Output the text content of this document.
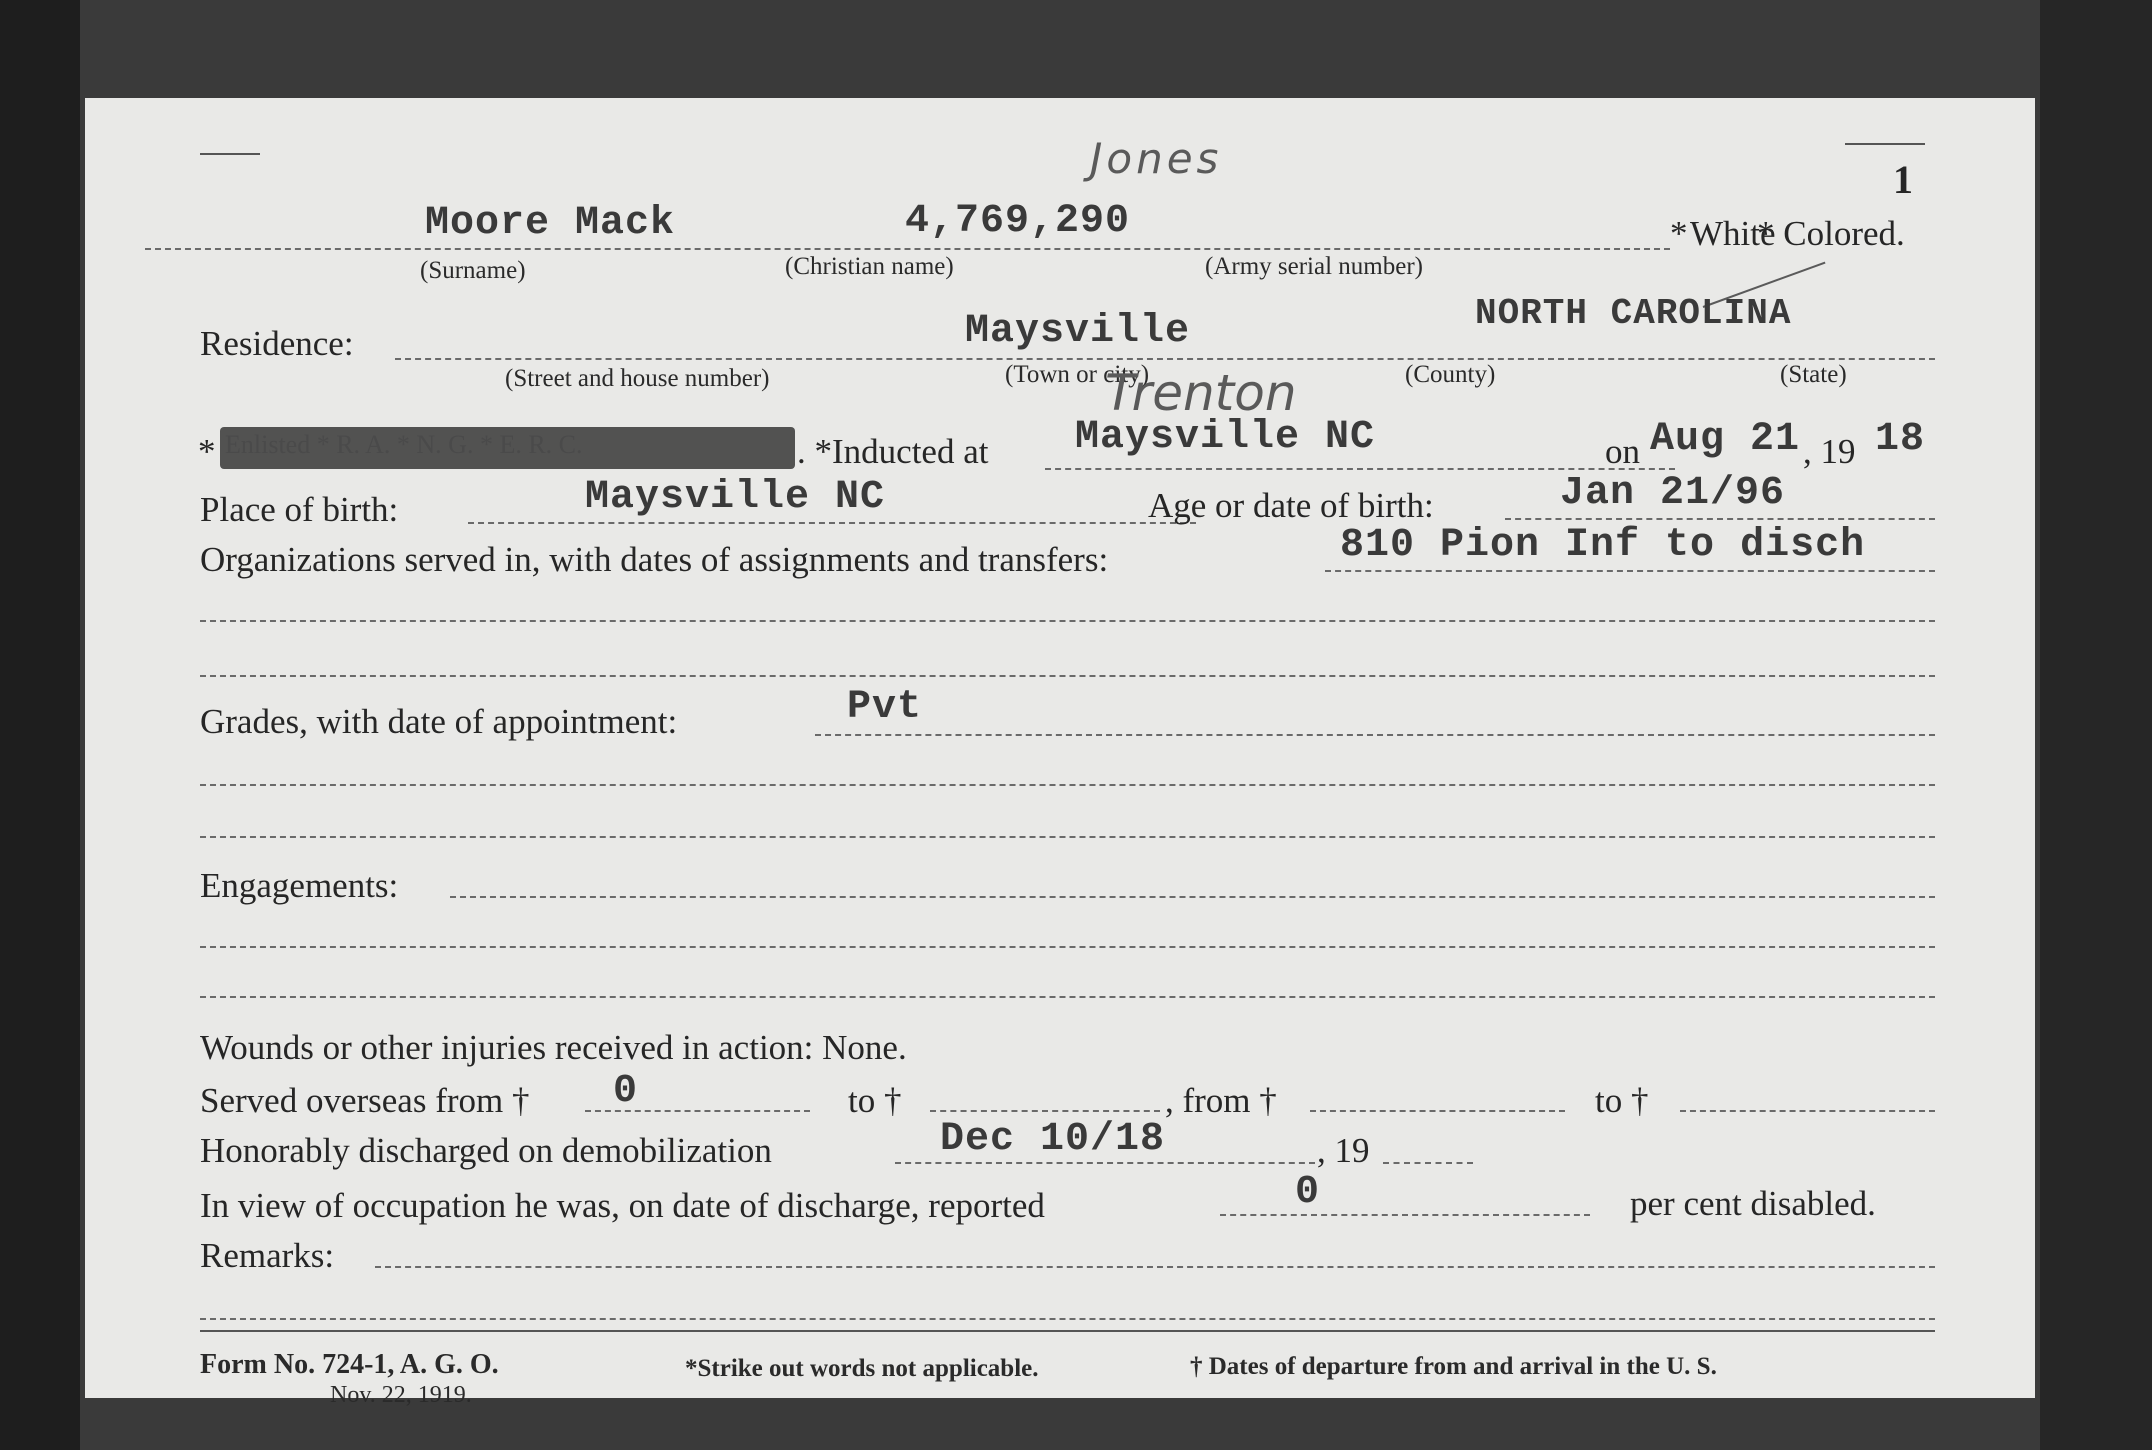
Jones	1
Moore Mack	4,769,290	* White
* Colored.
(Surname)	(Christian name)	(Army serial number)
Residence:	Maysville	NORTH CAROLINA
(Street and house number)	(Town or city)	(County)	(State)
Trenton
*	. *Inducted at Maysville NC	on Aug 21 , 19 18
Place of birth:	Maysville NC	Age or date of birth:	Jan 21/96
Organizations served in, with dates of assignments and transfers:	810 Pion Inf to disch
Grades, with date of appointment:	Pvt
Engagements:
Wounds or other injuries received in action: None.
Served overseas from † 0	to †	, from †	to †
Honorably discharged on demobilization	Dec 10/18	, 19
In view of occupation he was, on date of discharge, reported	0	per cent disabled.
Remarks:
Form No. 724-1, A. G. O.
Nov. 22, 1919.
*Strike out words not applicable.	† Dates of departure from and arrival in the U. S.
